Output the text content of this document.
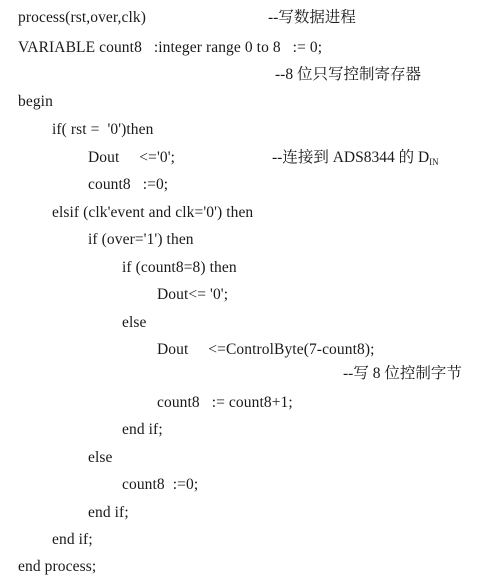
process(rst,over,clk)	--写数据进程
VARIABLE count8   :integer range 0 to 8   := 0;
--8 位只写控制寄存器
begin
if( rst =  '0')then
Dout     <='0';	--连接到 ADS8344 的 $D_{IN}$
count8   :=0;
elsif (clk'event and clk='0') then
if (over='1') then
if (count8=8) then
Dout<= '0';
else
Dout     <=ControlByte(7-count8);
--写 8 位控制字节
count8   := count8+1;
end if;
else
count8  :=0;
end if;
end if;
end process;
